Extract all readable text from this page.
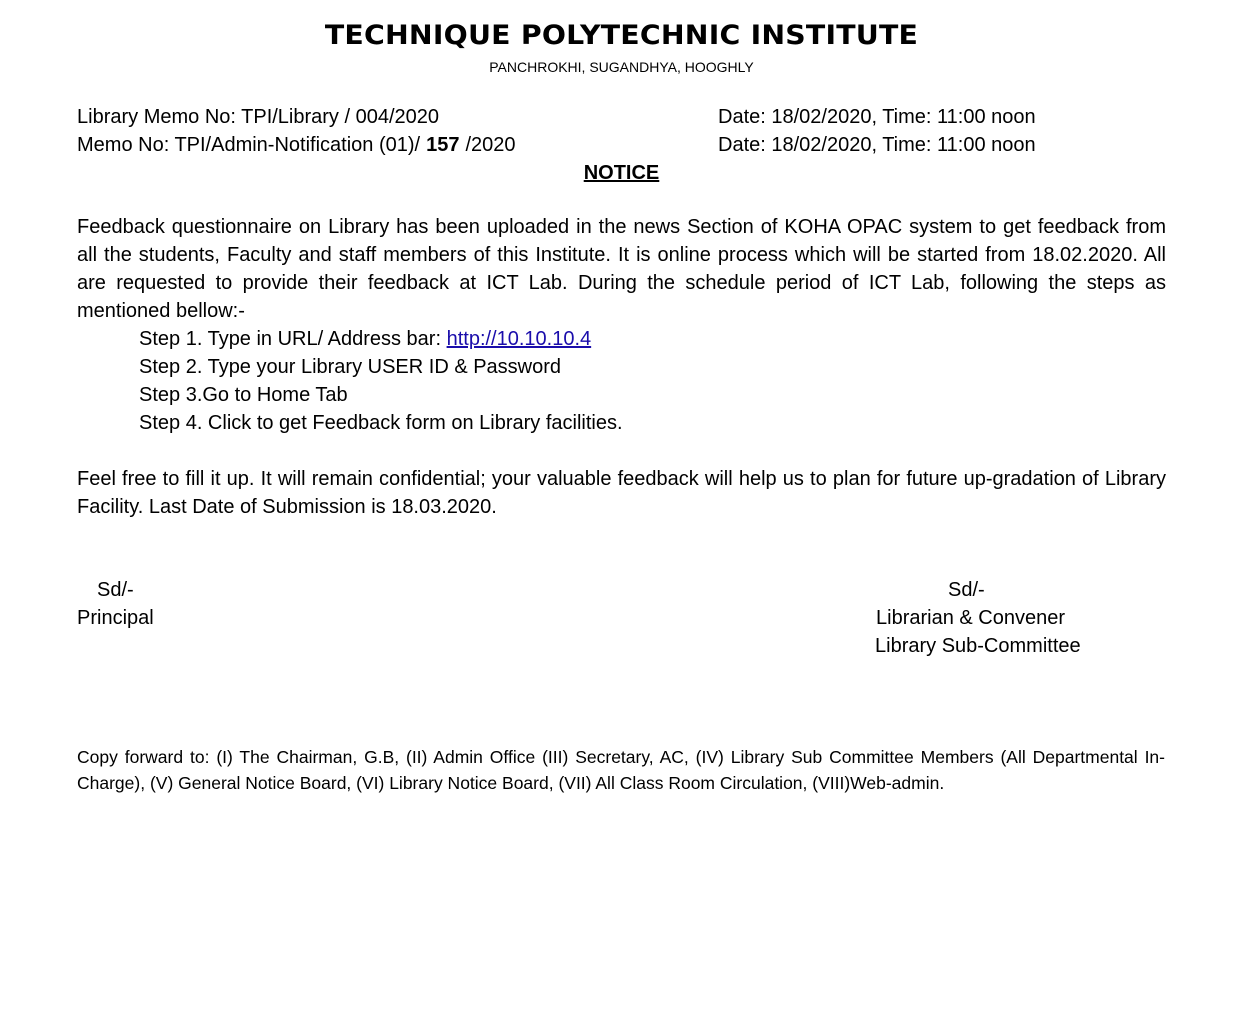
TECHNIQUE POLYTECHNIC INSTITUTE

PANCHROKHI, SUGANDHYA, HOOGHLY

Library Memo No: TPI/Library / 004/2020	Date: 18/02/2020, Time: 11:00 noon
Memo No: TPI/Admin-Notification (01)/ 157 /2020	Date: 18/02/2020, Time: 11:00 noon
NOTICE

Feedback questionnaire on Library has been uploaded in the news Section of KOHA OPAC system to get feedback from all the students, Faculty and staff members of this Institute. It is online process which will be started from 18.02.2020. All are requested to provide their feedback at ICT Lab. During the schedule period of ICT Lab, following the steps as mentioned bellow:-

Step 1. Type in URL/ Address bar: http://10.10.10.4
Step 2. Type your Library USER ID & Password
Step 3.Go to Home Tab
Step 4. Click to get Feedback form on Library facilities.

Feel free to fill it up. It will remain confidential; your valuable feedback will help us to plan for future up-gradation of Library Facility. Last Date of Submission is 18.03.2020.

Sd/-
Principal
Sd/-
Librarian & Convener
Library Sub-Committee

Copy forward to: (I) The Chairman, G.B, (II) Admin Office (III) Secretary, AC, (IV) Library Sub Committee Members (All Departmental In-Charge), (V) General Notice Board, (VI) Library Notice Board, (VII) All Class Room Circulation, (VIII)Web-admin.
